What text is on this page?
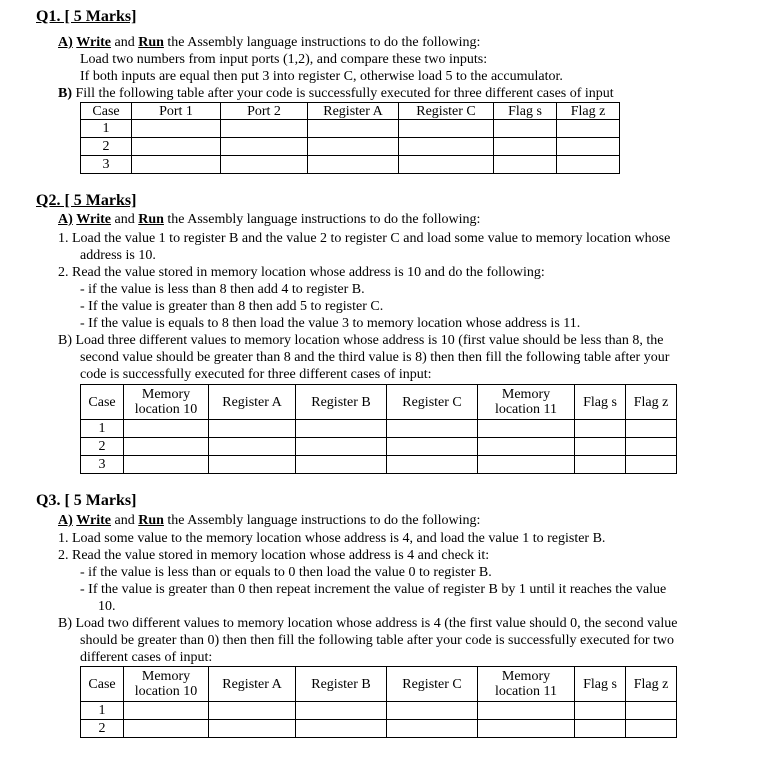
Q1. [ 5 Marks]
A) Write and Run the Assembly language instructions to do the following:
Load two numbers from input ports (1,2), and compare these two inputs:
If both inputs are equal then put 3 into register C, otherwise load 5 to the accumulator.
B) Fill the following table after your code is successfully executed for three different cases of input
Case	Port 1	Port 2	Register A	Register C	Flag s	Flag z
1						
2						
3						
Q2. [ 5 Marks]
A) Write and Run the Assembly language instructions to do the following:
1. Load the value 1 to register B and the value 2 to register C and load some value to memory location whose
address is 10.
2. Read the value stored in memory location whose address is 10 and do the following:
- if the value is less than 8 then add 4 to register B.
- If the value is greater than 8 then add 5 to register C.
- If the value is equals to 8 then load the value 3 to memory location whose address is 11.
B) Load three different values to memory location whose address is 10 (first value should be less than 8, the
second value should be greater than 8 and the third value is 8) then then fill the following table after your
code is successfully executed for three different cases of input:
Case	Memory location 10	Register A	Register B	Register C	Memory location 11	Flag s	Flag z
1							
2							
3							
Q3. [ 5 Marks]
A) Write and Run the Assembly language instructions to do the following:
1. Load some value to the memory location whose address is 4, and load the value 1 to register B.
2. Read the value stored in memory location whose address is 4 and check it:
- if the value is less than or equals to 0 then load the value 0 to register B.
- If the value is greater than 0 then repeat increment the value of register B by 1 until it reaches the value
10.
B) Load two different values to memory location whose address is 4 (the first value should 0, the second value
should be greater than 0) then then fill the following table after your code is successfully executed for two
different cases of input:
Case	Memory location 10	Register A	Register B	Register C	Memory location 11	Flag s	Flag z
1							
2							
